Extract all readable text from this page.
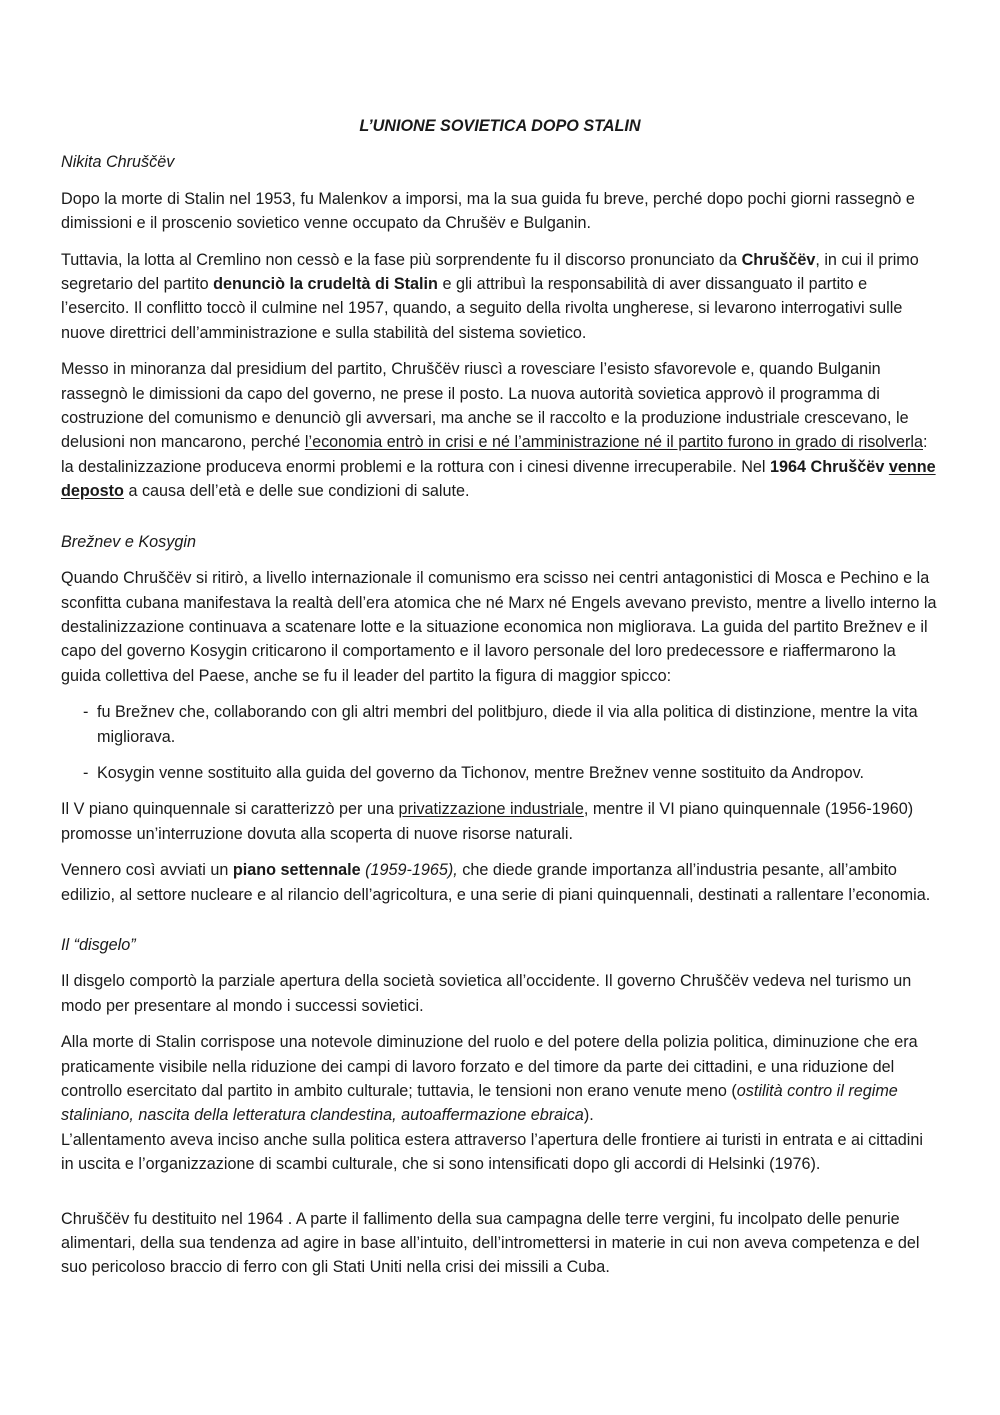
L’UNIONE SOVIETICA DOPO STALIN
Nikita Chruščëv

Dopo la morte di Stalin nel 1953, fu Malenkov a imporsi, ma la sua guida fu breve, perché dopo pochi giorni rassegnò e dimissioni e il proscenio sovietico venne occupato da Chrušëv e Bulganin.

Tuttavia, la lotta al Cremlino non cessò e la fase più sorprendente fu il discorso pronunciato da Chruščëv, in cui il primo segretario del partito denunciò la crudeltà di Stalin e gli attribuì la responsabilità di aver dissanguato il partito e l’esercito. Il conflitto toccò il culmine nel 1957, quando, a seguito della rivolta ungherese, si levarono interrogativi sulle nuove direttrici dell’amministrazione e sulla stabilità del sistema sovietico.

Messo in minoranza dal presidium del partito, Chruščëv riuscì a rovesciare l’esisto sfavorevole e, quando Bulganin rassegnò le dimissioni da capo del governo, ne prese il posto. La nuova autorità sovietica approvò il programma di costruzione del comunismo e denunciò gli avversari, ma anche se il raccolto e la produzione industriale crescevano, le delusioni non mancarono, perché l’economia entrò in crisi e né l’amministrazione né il partito furono in grado di risolverla: la destalinizzazione produceva enormi problemi e la rottura con i cinesi divenne irrecuperabile. Nel 1964 Chruščëv venne deposto a causa dell’età e delle sue condizioni di salute.

Brežnev e Kosygin

Quando Chruščëv si ritirò, a livello internazionale il comunismo era scisso nei centri antagonistici di Mosca e Pechino e la sconfitta cubana manifestava la realtà dell’era atomica che né Marx né Engels avevano previsto, mentre a livello interno la destalinizzazione continuava a scatenare lotte e la situazione economica non migliorava. La guida del partito Brežnev e il capo del governo Kosygin criticarono il comportamento e il lavoro personale del loro predecessore e riaffermarono la guida collettiva del Paese, anche se fu il leader del partito la figura di maggior spicco:

- fu Brežnev che, collaborando con gli altri membri del politbjuro, diede il via alla politica di distinzione, mentre la vita migliorava.
- Kosygin venne sostituito alla guida del governo da Tichonov, mentre Brežnev venne sostituito da Andropov.

Il V piano quinquennale si caratterizzò per una privatizzazione industriale, mentre il VI piano quinquennale (1956-1960) promosse un’interruzione dovuta alla scoperta di nuove risorse naturali.

Vennero così avviati un piano settennale (1959-1965), che diede grande importanza all’industria pesante, all’ambito edilizio, al settore nucleare e al rilancio dell’agricoltura, e una serie di piani quinquennali, destinati a rallentare l’economia.

Il “disgelo”

Il disgelo comportò la parziale apertura della società sovietica all’occidente. Il governo Chruščëv vedeva nel turismo un modo per presentare al mondo i successi sovietici.

Alla morte di Stalin corrispose una notevole diminuzione del ruolo e del potere della polizia politica, diminuzione che era praticamente visibile nella riduzione dei campi di lavoro forzato e del timore da parte dei cittadini, e una riduzione del controllo esercitato dal partito in ambito culturale; tuttavia, le tensioni non erano venute meno (ostilità contro il regime staliniano, nascita della letteratura clandestina, autoaffermazione ebraica).
L’allentamento aveva inciso anche sulla politica estera attraverso l’apertura delle frontiere ai turisti in entrata e ai cittadini in uscita e l’organizzazione di scambi culturale, che si sono intensificati dopo gli accordi di Helsinki (1976).

Chruščëv fu destituito nel 1964 . A parte il fallimento della sua campagna delle terre vergini, fu incolpato delle penurie alimentari, della sua tendenza ad agire in base all’intuito, dell’intromettersi in materie in cui non aveva competenza e del suo pericoloso braccio di ferro con gli Stati Uniti nella crisi dei missili a Cuba.
